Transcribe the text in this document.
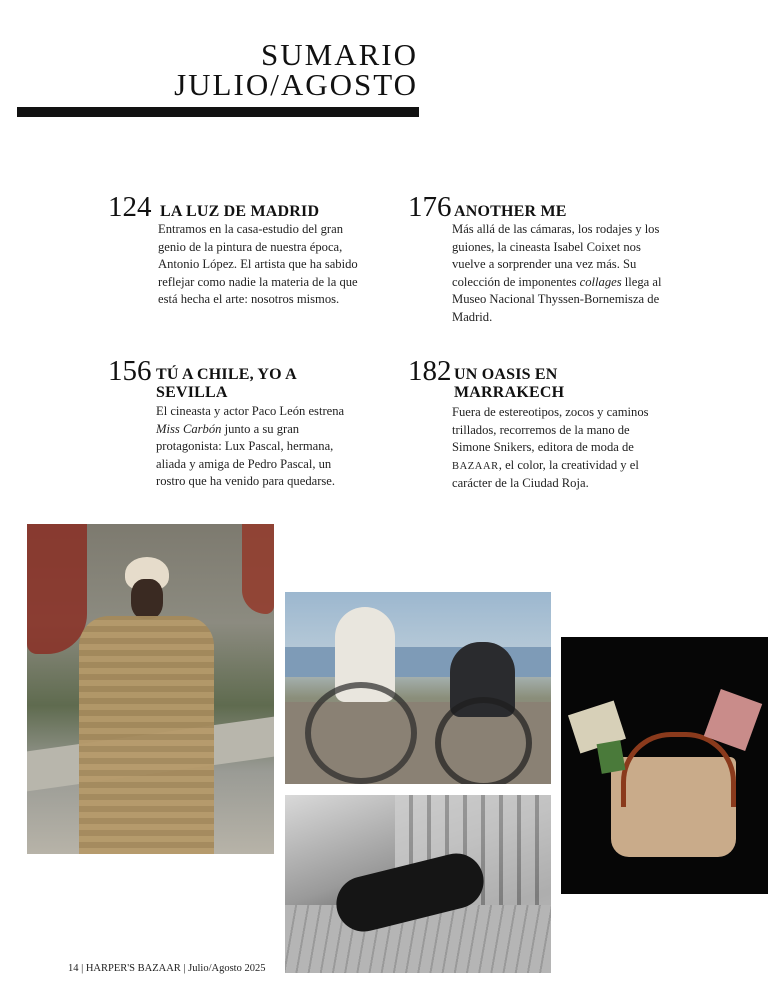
SUMARIO
JULIO/AGOSTO
124 LA LUZ DE MADRID
Entramos en la casa-estudio del gran genio de la pintura de nuestra época, Antonio López. El artista que ha sabido reflejar como nadie la materia de la que está hecha el arte: nosotros mismos.
176 ANOTHER ME
Más allá de las cámaras, los rodajes y los guiones, la cineasta Isabel Coixet nos vuelve a sorprender una vez más. Su colección de imponentes collages llega al Museo Nacional Thyssen-Bornemisza de Madrid.
156 TÚ A CHILE, YO A SEVILLA
El cineasta y actor Paco León estrena Miss Carbón junto a su gran protagonista: Lux Pascal, hermana, aliada y amiga de Pedro Pascal, un rostro que ha venido para quedarse.
182 UN OASIS EN MARRAKECH
Fuera de estereotipos, zocos y caminos trillados, recorremos de la mano de Simone Snikers, editora de moda de BAZAAR, el color, la creatividad y el carácter de la Ciudad Roja.
14 | HARPER'S BAZAAR | Julio/Agosto 2025
